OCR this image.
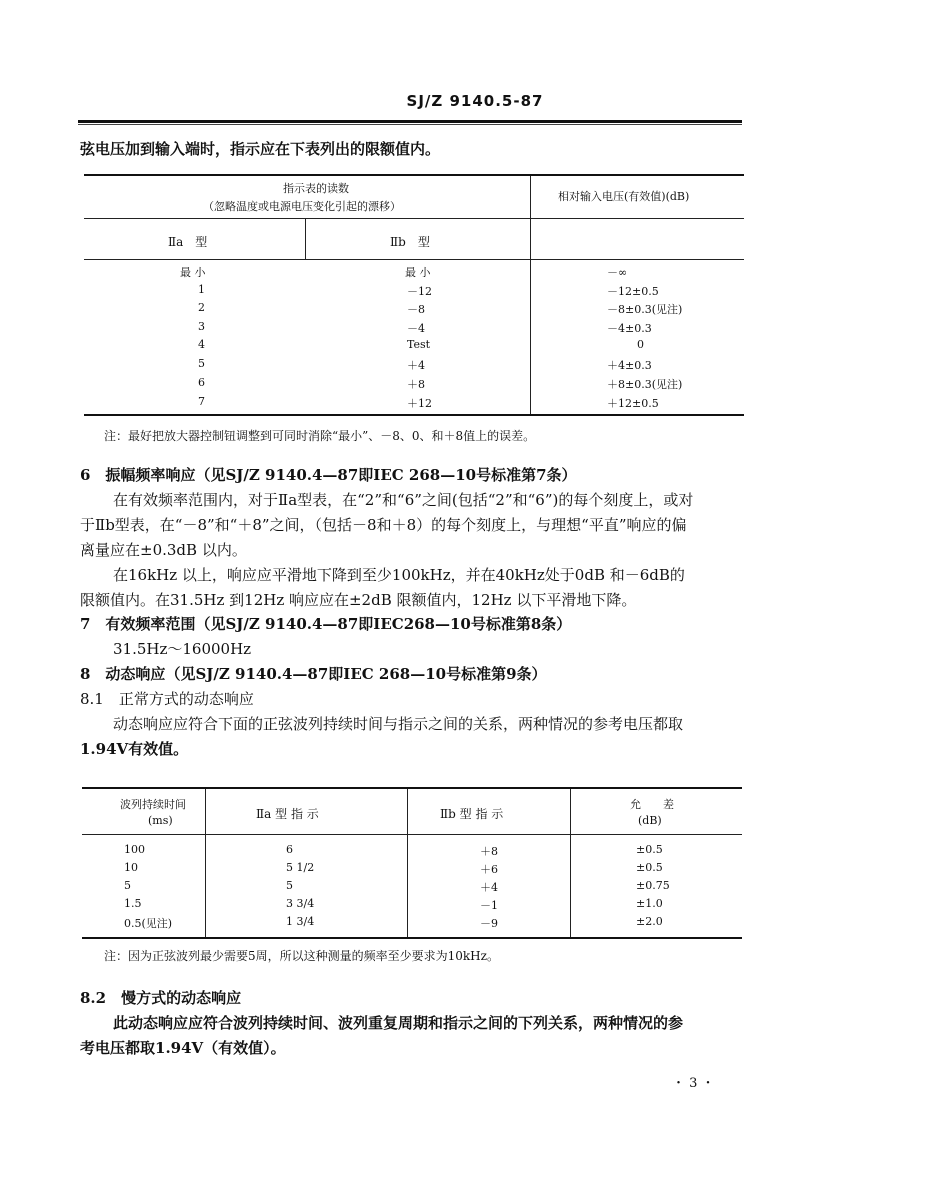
SJ/Z 9140.5-87
弦电压加到输入端时，指示应在下表列出的限额值内。
指示表的读数
（忽略温度或电源电压变化引起的漂移）
相对输入电压(有效值)(dB)
Ⅱa　型	Ⅱb　型
最 小	最 小	－∞
1	－12	－12±0.5
2	－8	－8±0.3(见注)
3	－4	－4±0.3
4	Test	0
5	＋4	＋4±0.3
6	＋8	＋8±0.3(见注)
7	＋12	＋12±0.5
注：最好把放大器控制钮调整到可同时消除“最小”、－8、0、和＋8值上的误差。
6　振幅频率响应（见SJ/Z 9140.4—87即IEC 268—10号标准第7条）
在有效频率范围内，对于Ⅱa型表，在“2”和“6”之间(包括“2”和“6”)的每个刻度上，或对
于Ⅱb型表，在“－8”和“＋8”之间，（包括－8和＋8）的每个刻度上，与理想“平直”响应的偏
离量应在±0.3dB 以内。
在16kHz 以上，响应应平滑地下降到至少100kHz，并在40kHz处于0dB 和－6dB的
限额值内。在31.5Hz 到12Hz 响应应在±2dB 限额值内，12Hz 以下平滑地下降。
7　有效频率范围（见SJ/Z 9140.4—87即IEC268—10号标准第8条）
31.5Hz～16000Hz
8　动态响应（见SJ/Z 9140.4—87即IEC 268—10号标准第9条）
8.1　正常方式的动态响应
动态响应应符合下面的正弦波列持续时间与指示之间的关系，两种情况的参考电压都取
1.94V有效值。
波列持续时间
(ms)	Ⅱa 型 指 示	Ⅱb 型 指 示
允　　差
(dB)
100	6	＋8	±0.5
10	5 1/2	＋6	±0.5
5	5	＋4	±0.75
1.5	3 3/4	－1	±1.0
0.5(见注)	1 3/4	－9	±2.0
注：因为正弦波列最少需要5周，所以这种测量的频率至少要求为10kHz。
8.2　慢方式的动态响应
此动态响应应符合波列持续时间、波列重复周期和指示之间的下列关系，两种情况的参
考电压都取1.94V（有效值）。
・ 3 ・
